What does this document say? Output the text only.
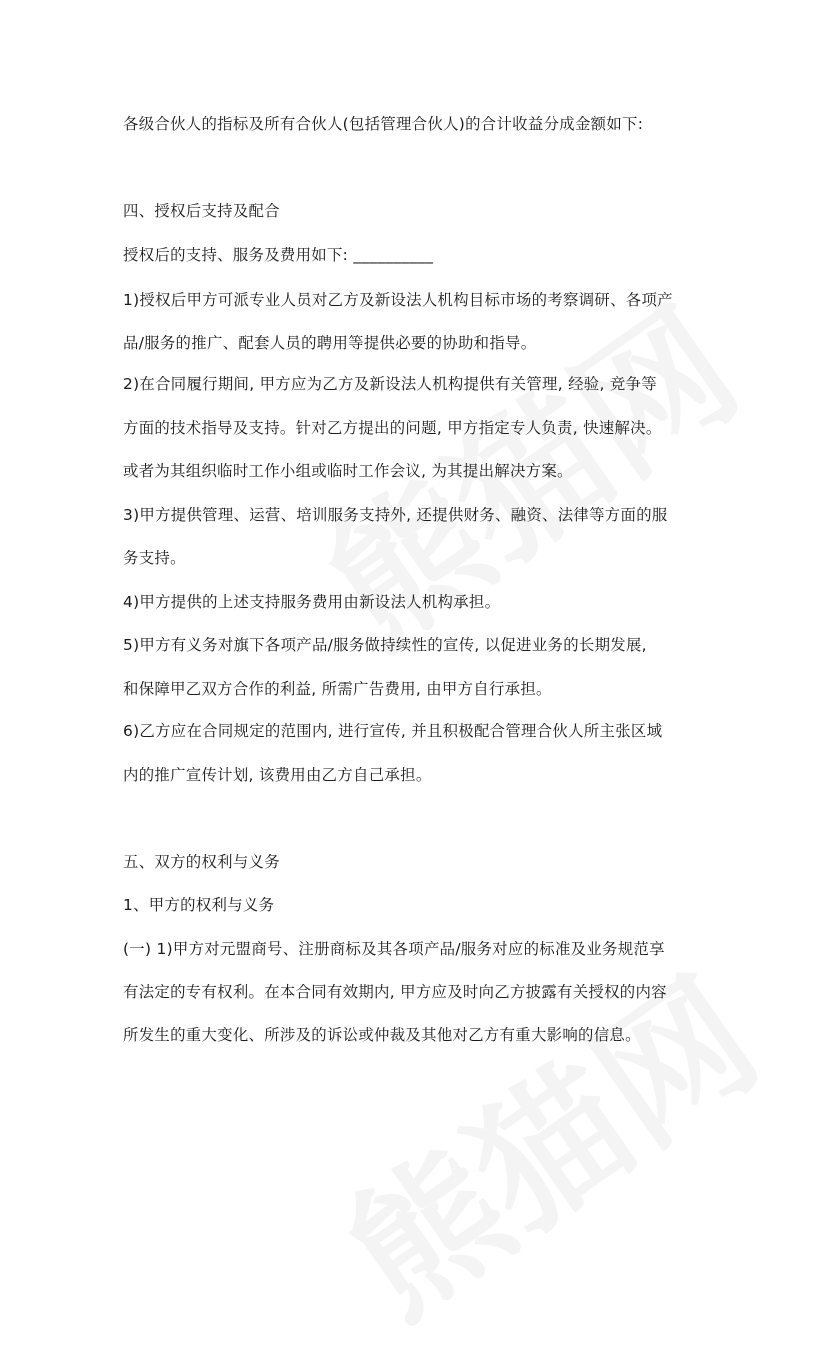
各级合伙人的指标及所有合伙人(包括管理合伙人)的合计收益分成金额如下:
四、授权后支持及配合
授权后的支持、服务及费用如下: __________
1)授权后甲方可派专业人员对乙方及新设法人机构目标市场的考察调研、各项产
品/服务的推广、配套人员的聘用等提供必要的协助和指导。
2)在合同履行期间, 甲方应为乙方及新设法人机构提供有关管理, 经验, 竞争等
方面的技术指导及支持。针对乙方提出的问题, 甲方指定专人负责, 快速解决。
或者为其组织临时工作小组或临时工作会议, 为其提出解决方案。
3)甲方提供管理、运营、培训服务支持外, 还提供财务、融资、法律等方面的服
务支持。
4)甲方提供的上述支持服务费用由新设法人机构承担。
5)甲方有义务对旗下各项产品/服务做持续性的宣传, 以促进业务的长期发展,
和保障甲乙双方合作的利益, 所需广告费用, 由甲方自行承担。
6)乙方应在合同规定的范围内, 进行宣传, 并且积极配合管理合伙人所主张区域
内的推广宣传计划, 该费用由乙方自己承担。
五、双方的权利与义务
1、甲方的权利与义务
(一) 1)甲方对元盟商号、注册商标及其各项产品/服务对应的标准及业务规范享
有法定的专有权利。在本合同有效期内, 甲方应及时向乙方披露有关授权的内容
所发生的重大变化、所涉及的诉讼或仲裁及其他对乙方有重大影响的信息。
